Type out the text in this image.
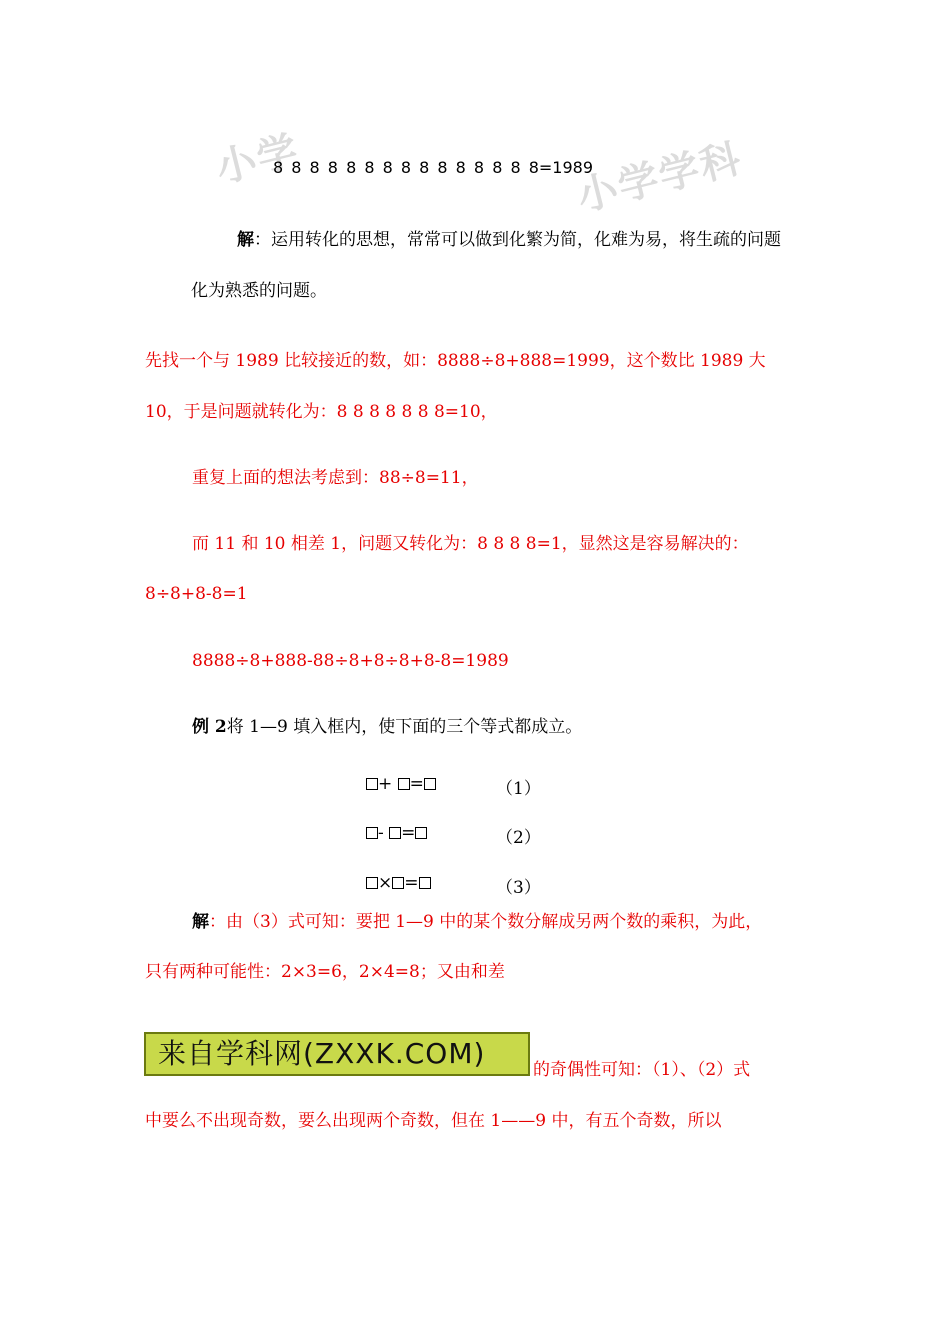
小学	小学学科
8 8 8 8 8 8 8 8 8 8 8 8 8 8 8=1989
解：运用转化的思想，常常可以做到化繁为简，化难为易，将生疏的问题
化为熟悉的问题。
先找一个与 1989 比较接近的数，如：8888÷8+888=1999，这个数比 1989 大
10，于是问题就转化为：8 8 8 8 8 8 8=10，
重复上面的想法考虑到：88÷8=11，
而 11 和 10 相差 1，问题又转化为：8 8 8 8=1，显然这是容易解决的：
8÷8+8-8=1
8888÷8+888-88÷8+8÷8+8-8=1989
例 2将 1—9 填入框内，使下面的三个等式都成立。
+ =	（1）
- =	（2）
× =	（3）
解：由（3）式可知：要把 1—9 中的某个数分解成另两个数的乘积，为此，
只有两种可能性：2×3=6，2×4=8；又由和差
来自学科网(ZXXK.COM)	的奇偶性可知：（1）、（2）式
中要么不出现奇数，要么出现两个奇数，但在 1——9 中，有五个奇数，所以
